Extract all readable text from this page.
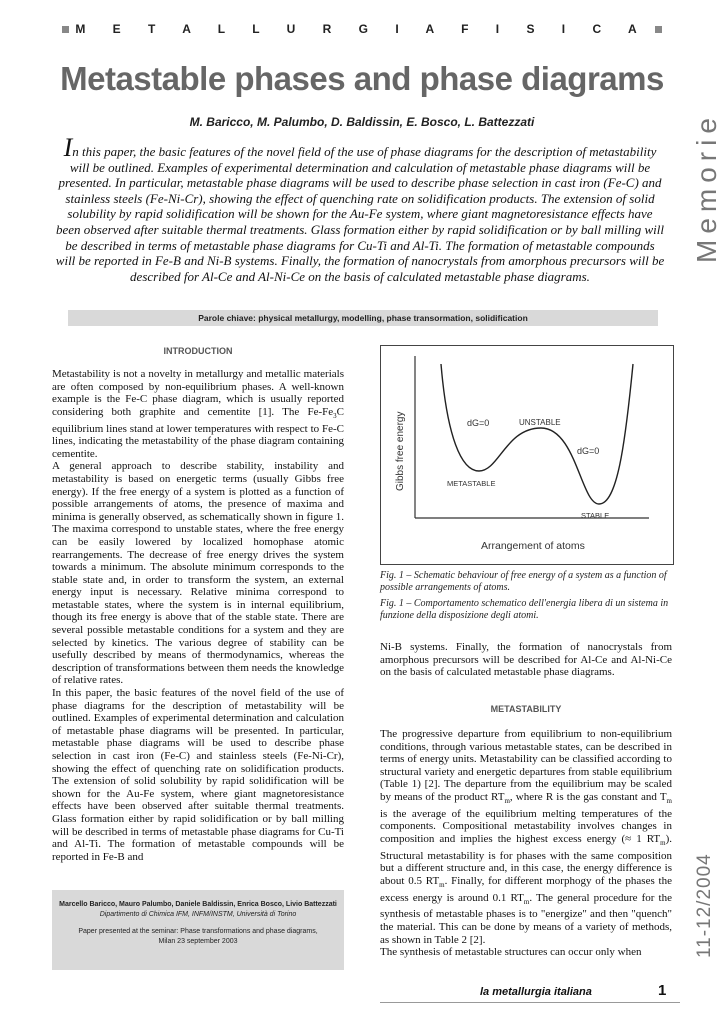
M E T A L L U R G I A F I S I C A
Metastable phases and phase diagrams
M. Baricco, M. Palumbo, D. Baldissin, E. Bosco, L. Battezzati
In this paper, the basic features of the novel field of the use of phase diagrams for the description of metastability will be outlined. Examples of experimental determination and calculation of metastable phase diagrams will be presented. In particular, metastable phase diagrams will be used to describe phase selection in cast iron (Fe-C) and stainless steels (Fe-Ni-Cr), showing the effect of quenching rate on solidification products. The extension of solid solubility by rapid solidification will be shown for the Au-Fe system, where giant magnetoresistance effects have been observed after suitable thermal treatments. Glass formation either by rapid solidification or by ball milling will be described in terms of metastable phase diagrams for Cu-Ti and Al-Ti. The formation of metastable compounds will be reported in Fe-B and Ni-B systems. Finally, the formation of nanocrystals from amorphous precursors will be described for Al-Ce and Al-Ni-Ce on the basis of calculated metastable phase diagrams.
Parole chiave: physical metallurgy, modelling, phase transormation, solidification
Memorie
11-12/2004
INTRODUCTION

Metastability is not a novelty in metallurgy and metallic materials are often composed by non-equilibrium phases. A well-known example is the Fe-C phase diagram, which is usually reported considering both graphite and cementite [1]. The $Fe-Fe_3C$ equilibrium lines stand at lower temperatures with respect to Fe-C lines, indicating the metastability of the phase diagram containing cementite.

A general approach to describe stability, instability and metastability is based on energetic terms (usually Gibbs free energy). If the free energy of a system is plotted as a function of possible arrangements of atoms, the presence of maxima and minima is generally observed, as schematically shown in figure 1. The maxima correspond to unstable states, where the free energy can be easily lowered by localized homophase atomic rearrangements. The decrease of free energy drives the system towards a minimum. The absolute minimum corresponds to the stable state and, in order to transform the system, an external energy input is necessary. Relative minima correspond to metastable states, where the system is in internal equilibrium, though its free energy is above that of the stable state. There are several possible metastable conditions for a system and they are selected by kinetics. The various degree of stability can be usefully described by means of thermodynamics, whereas the description of transformations between them needs the knowledge of relative rates.

In this paper, the basic features of the novel field of the use of phase diagrams for the description of metastability will be outlined. Examples of experimental determination and calculation of metastable phase diagrams will be presented. In particular, metastable phase diagrams will be used to describe phase selection in cast iron (Fe-C) and stainless steels (Fe-Ni-Cr), showing the effect of quenching rate on solidification products. The extension of solid solubility by rapid solidification will be shown for the Au-Fe system, where giant magnetoresistance effects have been observed after suitable thermal treatments. Glass formation either by rapid solidification or by ball milling will be described in terms of metastable phase diagrams for Cu-Ti and Al-Ti. The formation of metastable compounds will be reported in Fe-B and

Marcello Baricco, Mauro Palumbo, Daniele Baldissin, Enrica Bosco, Livio Battezzati
Dipartimento di Chimica IFM, INFM/INSTM, Università di Torino
Paper presented at the seminar: Phase transformations and phase diagrams,
Milan 23 september 2003
Gibbs free energy
Arrangement of atoms
dG=0	UNSTABLE
dG=0
METASTABLE
STABLE
Fig. 1 – Schematic behaviour of free energy of a system as a function of possible arrangements of atoms.
Fig. 1 – Comportamento schematico dell'energia libera di un sistema in funzione della disposizione degli atomi.
Ni-B systems. Finally, the formation of nanocrystals from amorphous precursors will be described for Al-Ce and Al-Ni-Ce on the basis of calculated metastable phase diagrams.
METASTABILITY

The progressive departure from equilibrium to non-equilibrium conditions, through various metastable states, can be described in terms of energy units. Metastability can be classified according to structural variety and energetic departures from stable equilibrium (Table 1) [2]. The departure from the equilibrium may be scaled by means of the product $RT_m$, where R is the gas constant and $T_m$ is the average of the equilibrium melting temperatures of the components. Compositional metastability involves changes in composition and implies the highest excess energy (≈ 1 $RT_m$). Structural metastability is for phases with the same composition but a different structure and, in this case, the energy difference is about 0.5 $RT_m$. Finally, for different morphogy of the phases the excess energy is around 0.1 $RT_m$. The general procedure for the synthesis of metastable phases is to "energize" and then "quench" the material. This can be done by means of a variety of methods, as shown in Table 2 [2].

The synthesis of metastable structures can occur only when

la metallurgia italiana	1
